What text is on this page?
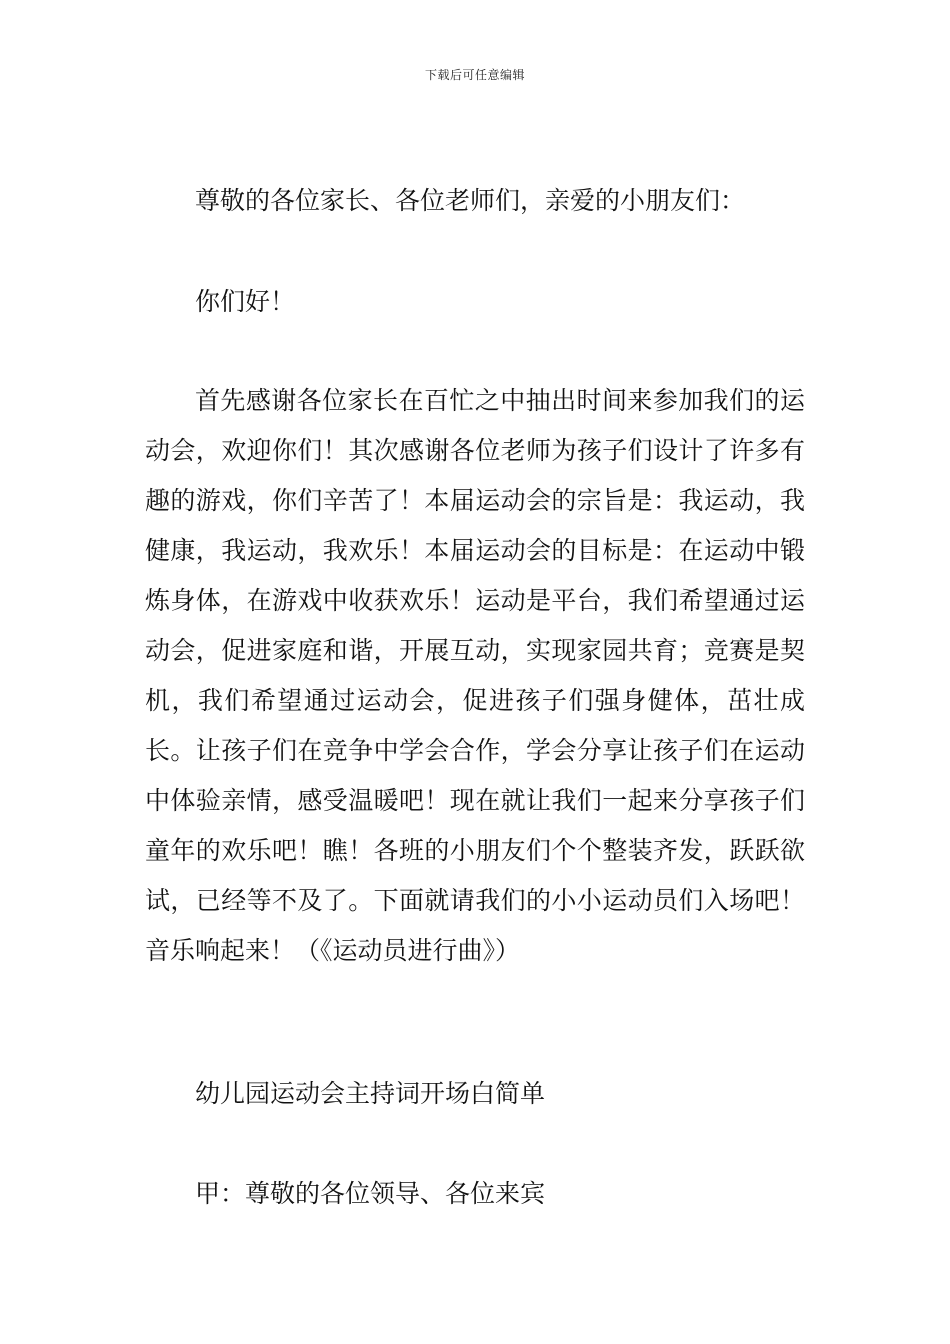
下载后可任意编辑

尊敬的各位家长、各位老师们，亲爱的小朋友们：

你们好！

首先感谢各位家长在百忙之中抽出时间来参加我们的运动会，欢迎你们！其次感谢各位老师为孩子们设计了许多有趣的游戏，你们辛苦了！本届运动会的宗旨是：我运动，我健康，我运动，我欢乐！本届运动会的目标是：在运动中锻炼身体，在游戏中收获欢乐！运动是平台，我们希望通过运动会，促进家庭和谐，开展互动，实现家园共育；竞赛是契机，我们希望通过运动会，促进孩子们强身健体，茁壮成长。让孩子们在竞争中学会合作，学会分享让孩子们在运动中体验亲情，感受温暖吧！现在就让我们一起来分享孩子们童年的欢乐吧！瞧！各班的小朋友们个个整装齐发，跃跃欲试，已经等不及了。下面就请我们的小小运动员们入场吧！音乐响起来！（《运动员进行曲》）

幼儿园运动会主持词开场白简单

甲：尊敬的各位领导、各位来宾
